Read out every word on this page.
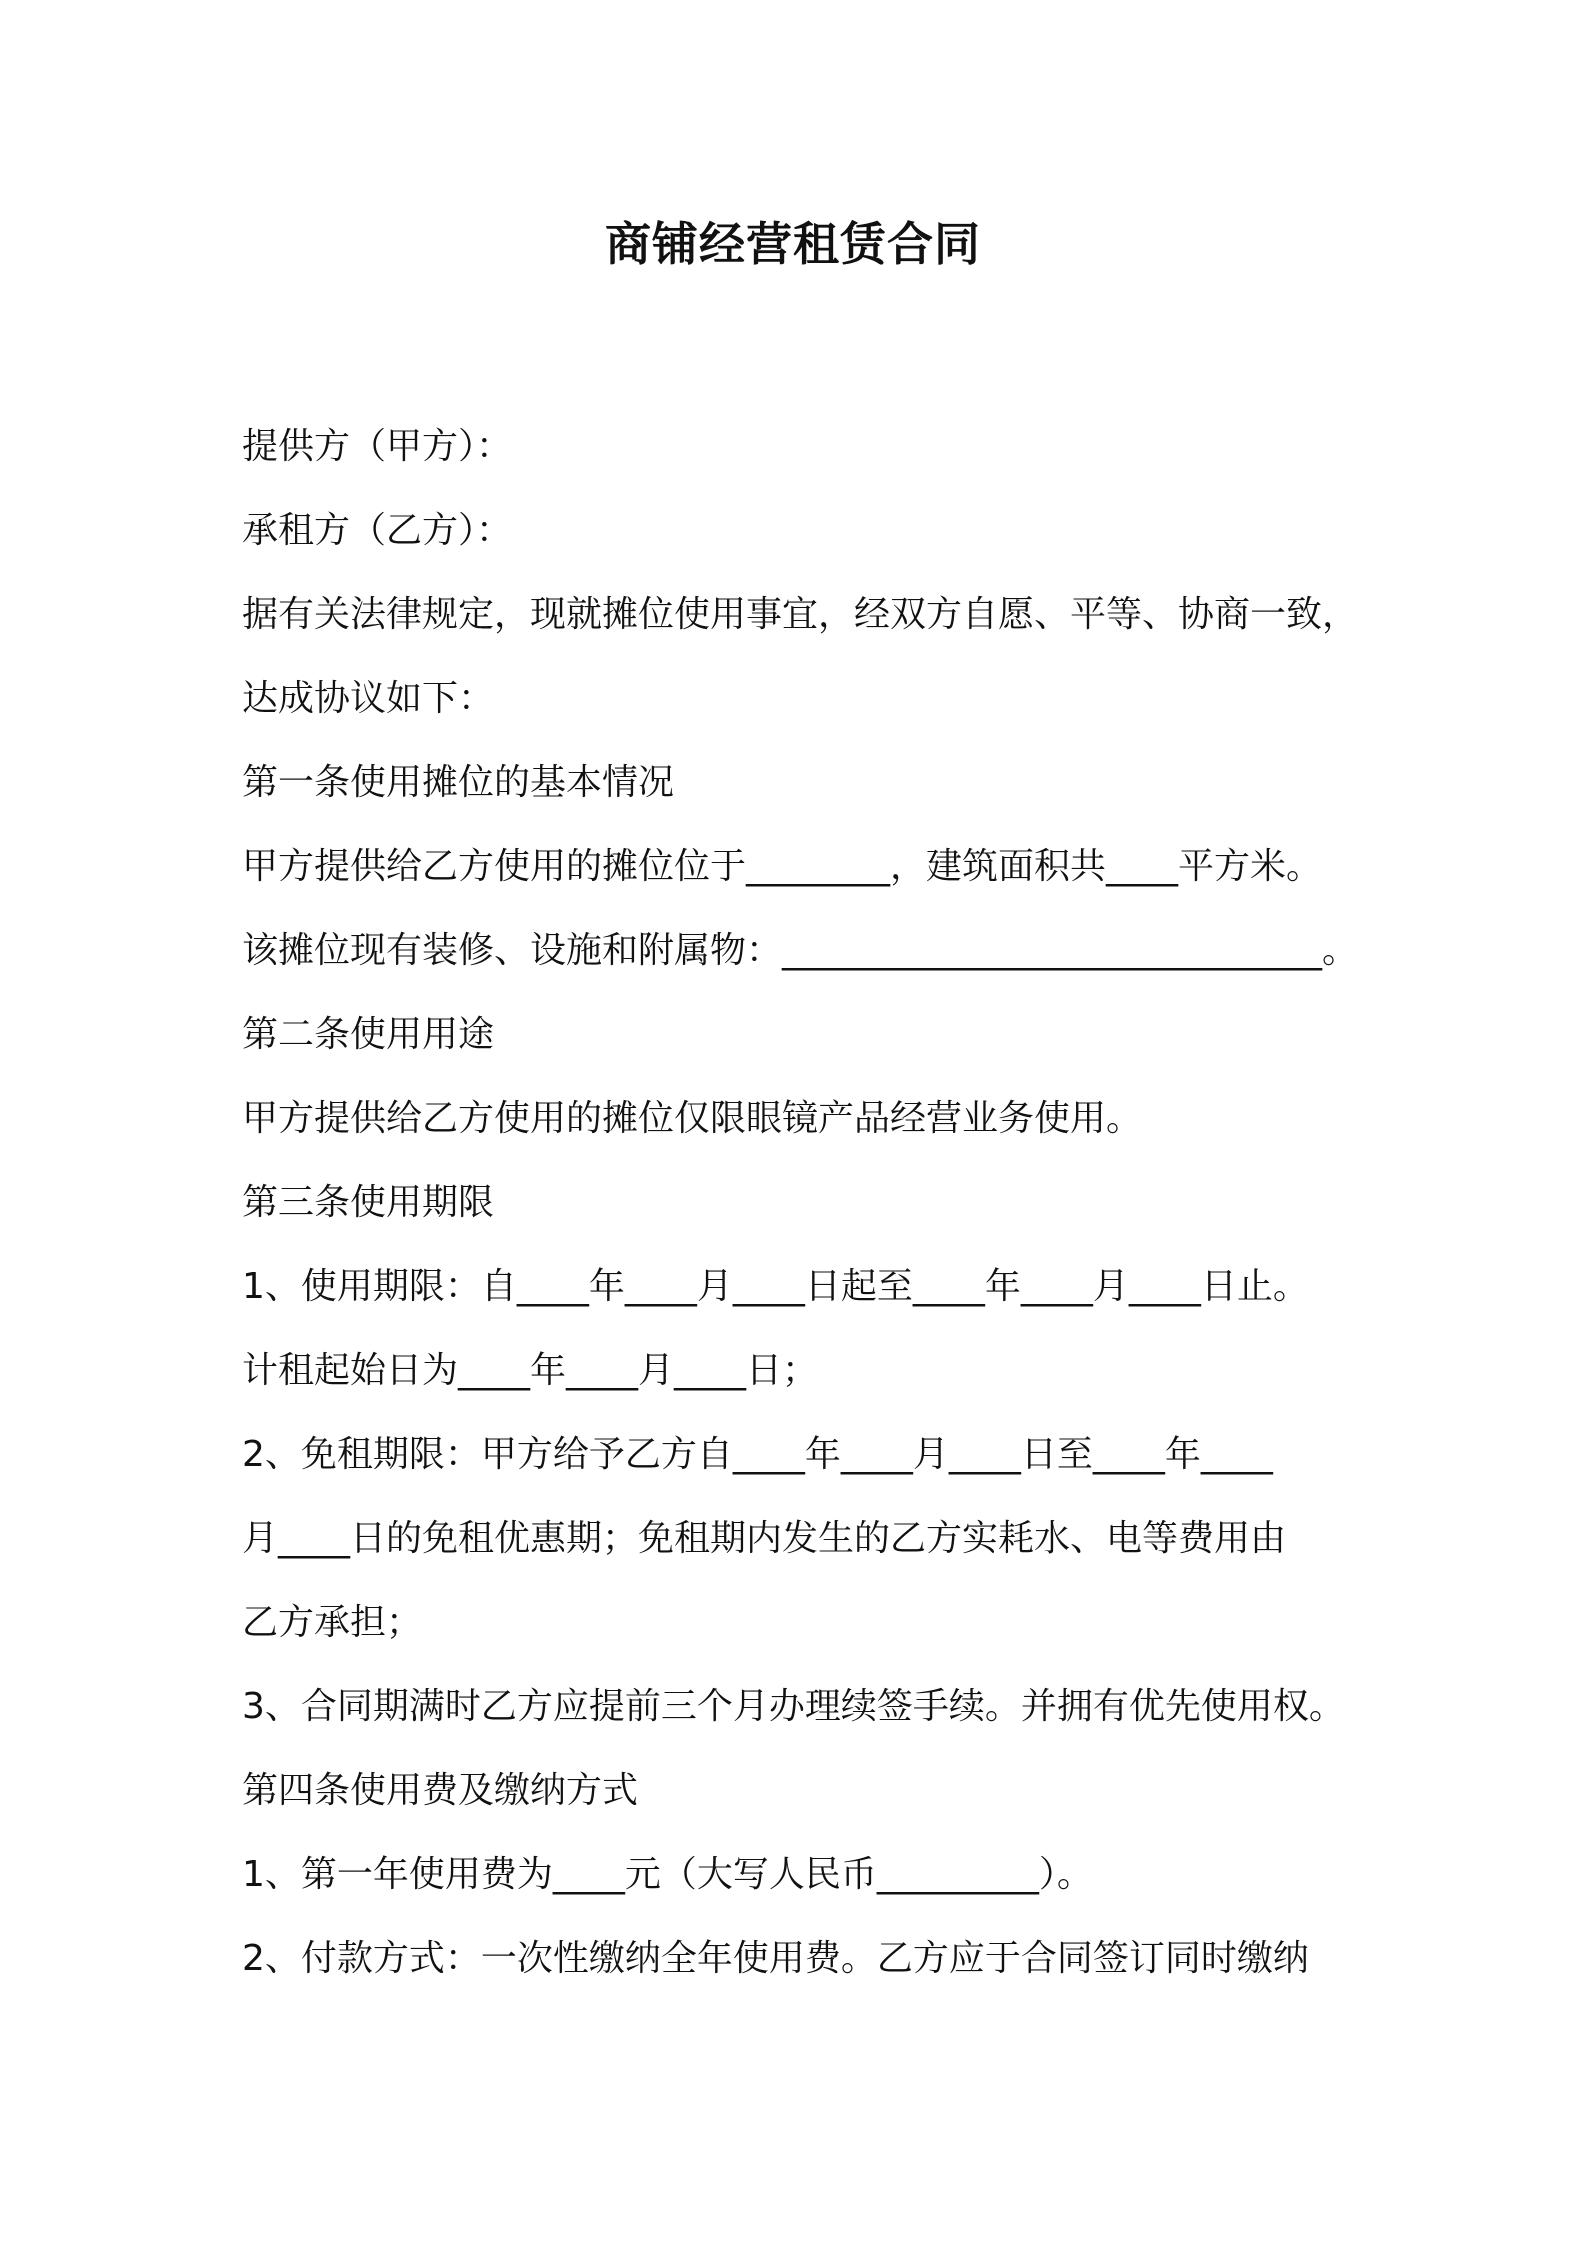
商铺经营租赁合同
提供方（甲方）：
承租方（乙方）：
据有关法律规定，现就摊位使用事宜，经双方自愿、平等、协商一致，
达成协议如下：
第一条使用摊位的基本情况
甲方提供给乙方使用的摊位位于________，建筑面积共____平方米。
该摊位现有装修、设施和附属物：______________________________。
第二条使用用途
甲方提供给乙方使用的摊位仅限眼镜产品经营业务使用。
第三条使用期限
1、使用期限：自____年____月____日起至____年____月____日止。
计租起始日为____年____月____日；
2、免租期限：甲方给予乙方自____年____月____日至____年____
月____日的免租优惠期；免租期内发生的乙方实耗水、电等费用由
乙方承担；
3、合同期满时乙方应提前三个月办理续签手续。并拥有优先使用权。
第四条使用费及缴纳方式
1、第一年使用费为____元（大写人民币_________）。
2、付款方式：一次性缴纳全年使用费。乙方应于合同签订同时缴纳
